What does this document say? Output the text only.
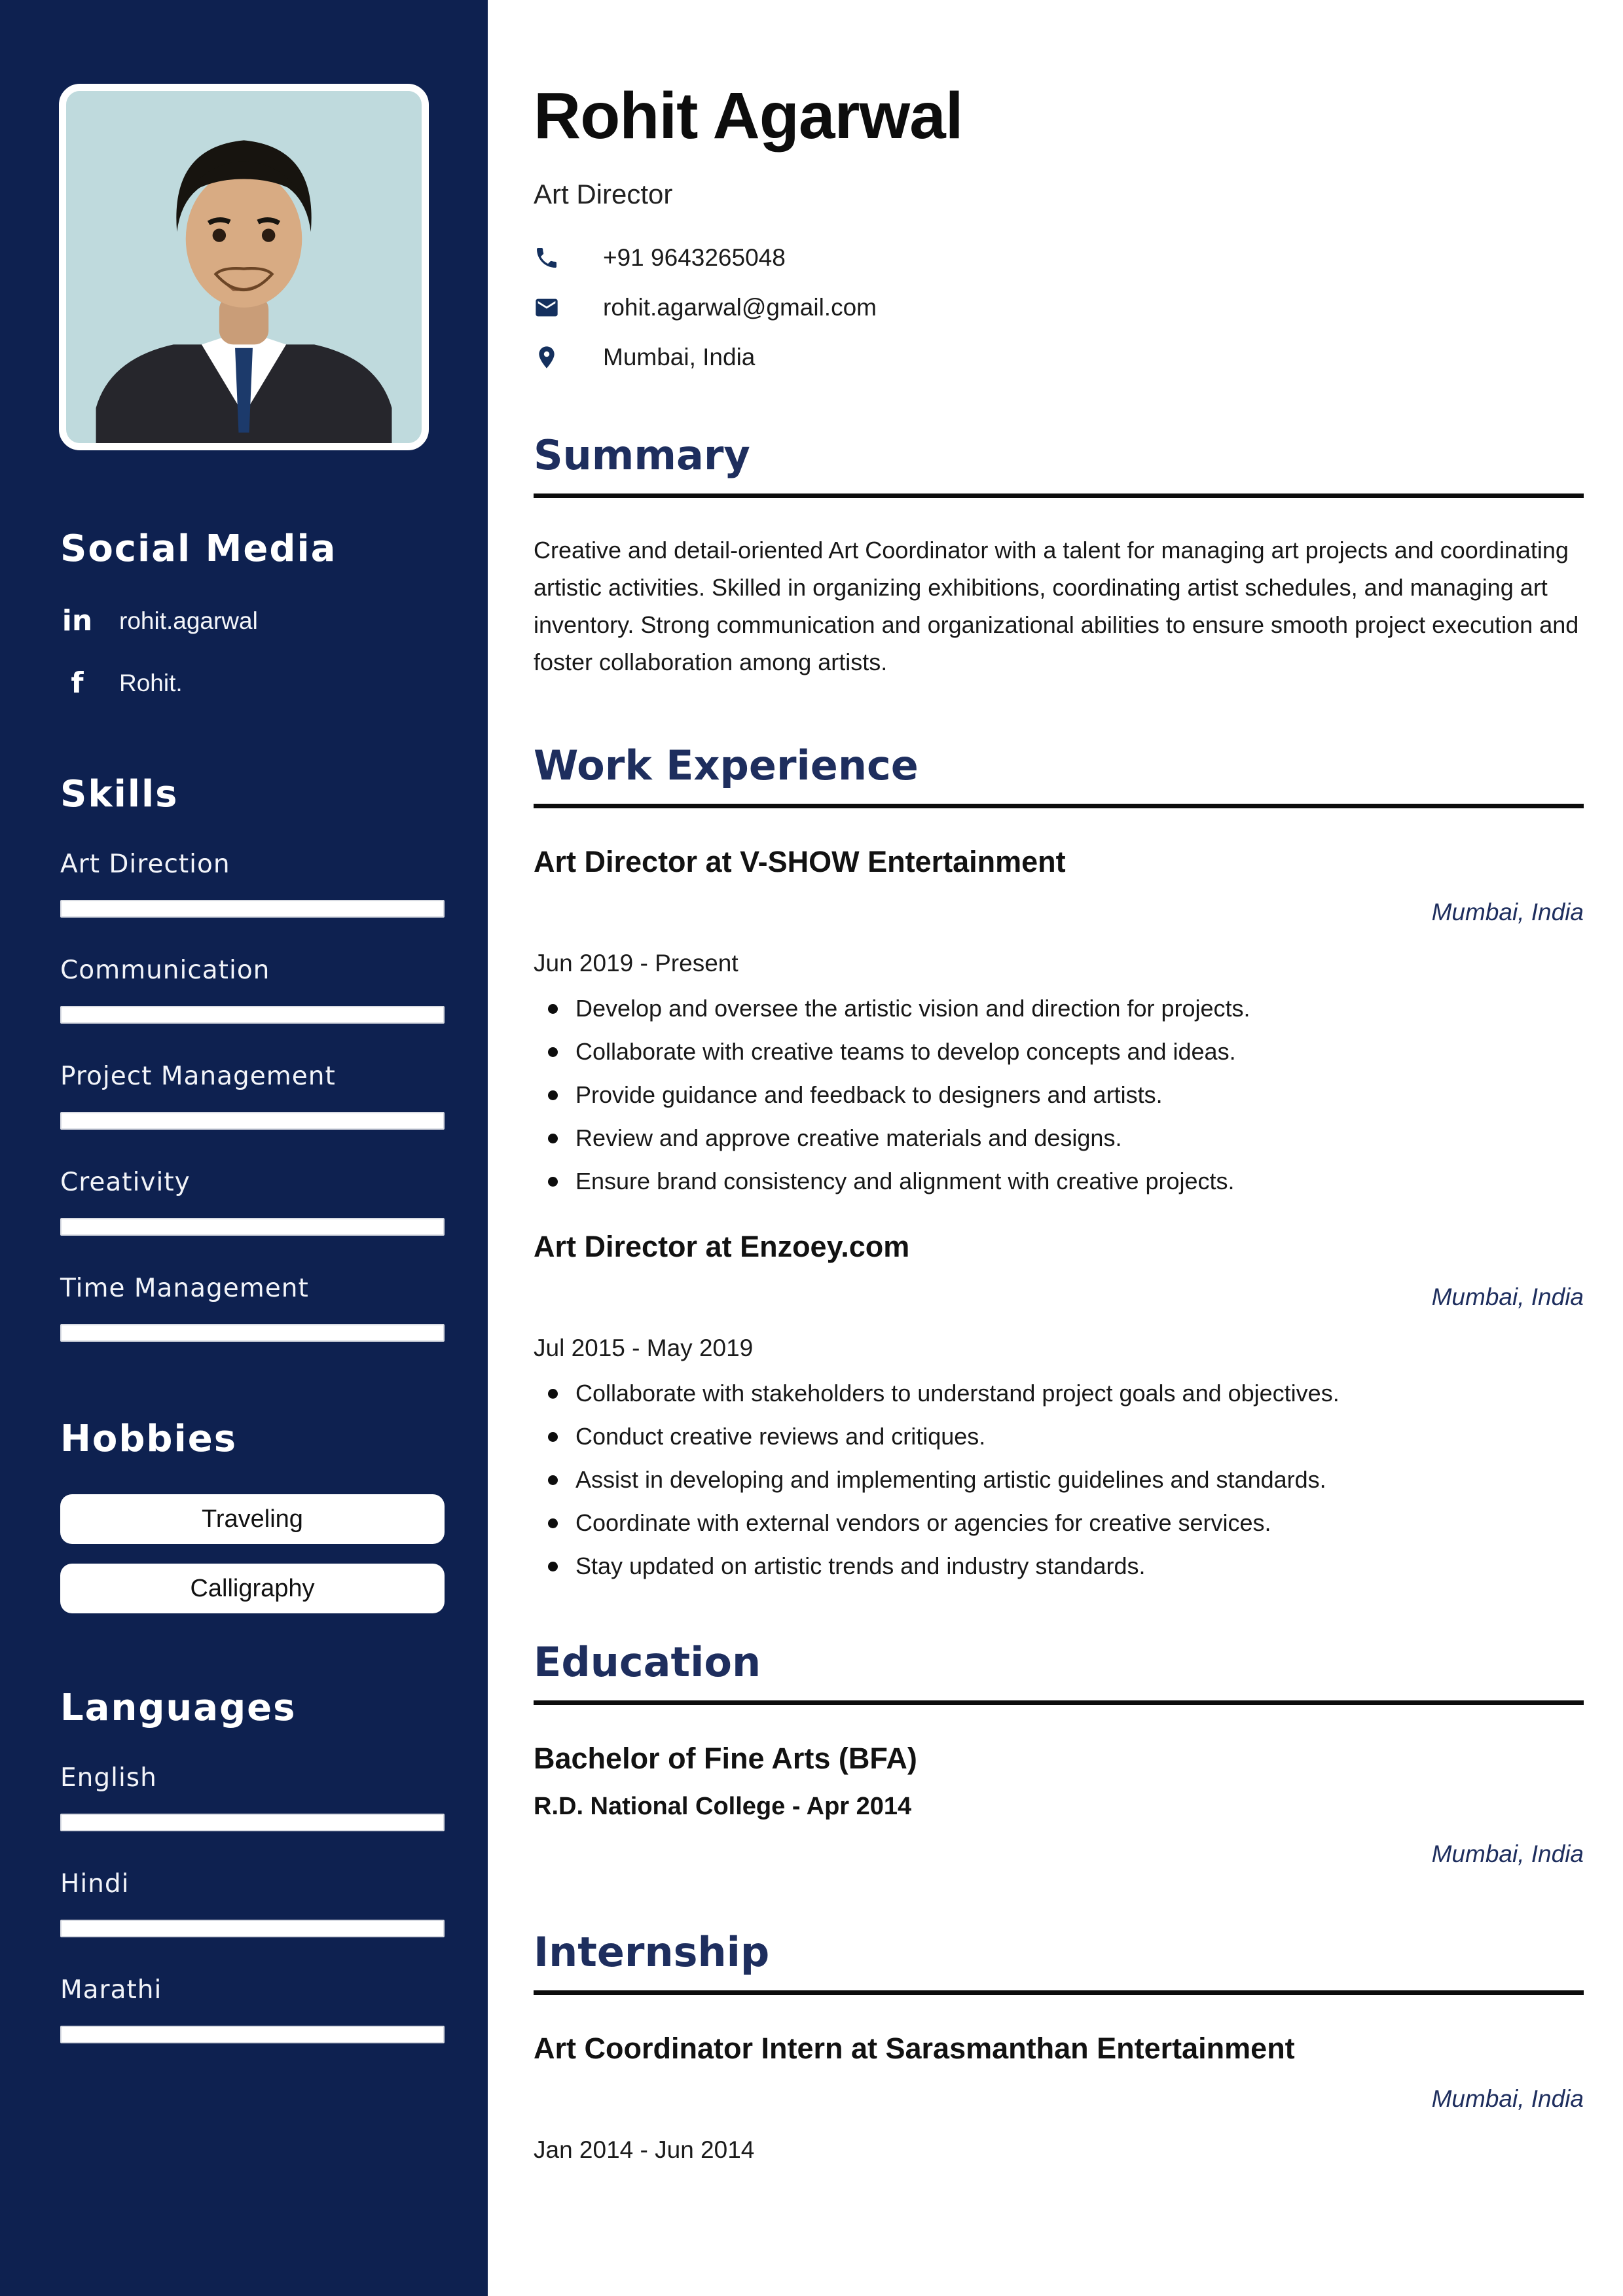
Social Media
in rohit.agarwal
f	Rohit.
Skills
Art Direction
Communication
Project Management
Creativity
Time Management
Hobbies
Traveling
Calligraphy
Languages
English
Hindi
Marathi
Rohit Agarwal
Art Director
+91 9643265048
rohit.agarwal@gmail.com
Mumbai, India
Summary

Creative and detail-oriented Art Coordinator with a talent for managing art projects and coordinating artistic activities. Skilled in organizing exhibitions, coordinating artist schedules, and managing art inventory. Strong communication and organizational abilities to ensure smooth project execution and foster collaboration among artists.

Work Experience
Art Director at V-SHOW Entertainment
Mumbai, India
Jun 2019 - Present
Develop and oversee the artistic vision and direction for projects.
Collaborate with creative teams to develop concepts and ideas.
Provide guidance and feedback to designers and artists.
Review and approve creative materials and designs.
Ensure brand consistency and alignment with creative projects.
Art Director at Enzoey.com
Mumbai, India
Jul 2015 - May 2019
Collaborate with stakeholders to understand project goals and objectives.
Conduct creative reviews and critiques.
Assist in developing and implementing artistic guidelines and standards.
Coordinate with external vendors or agencies for creative services.
Stay updated on artistic trends and industry standards.
Education
Bachelor of Fine Arts (BFA)
R.D. National College - Apr 2014
Mumbai, India
Internship
Art Coordinator Intern at Sarasmanthan Entertainment
Mumbai, India
Jan 2014 - Jun 2014
